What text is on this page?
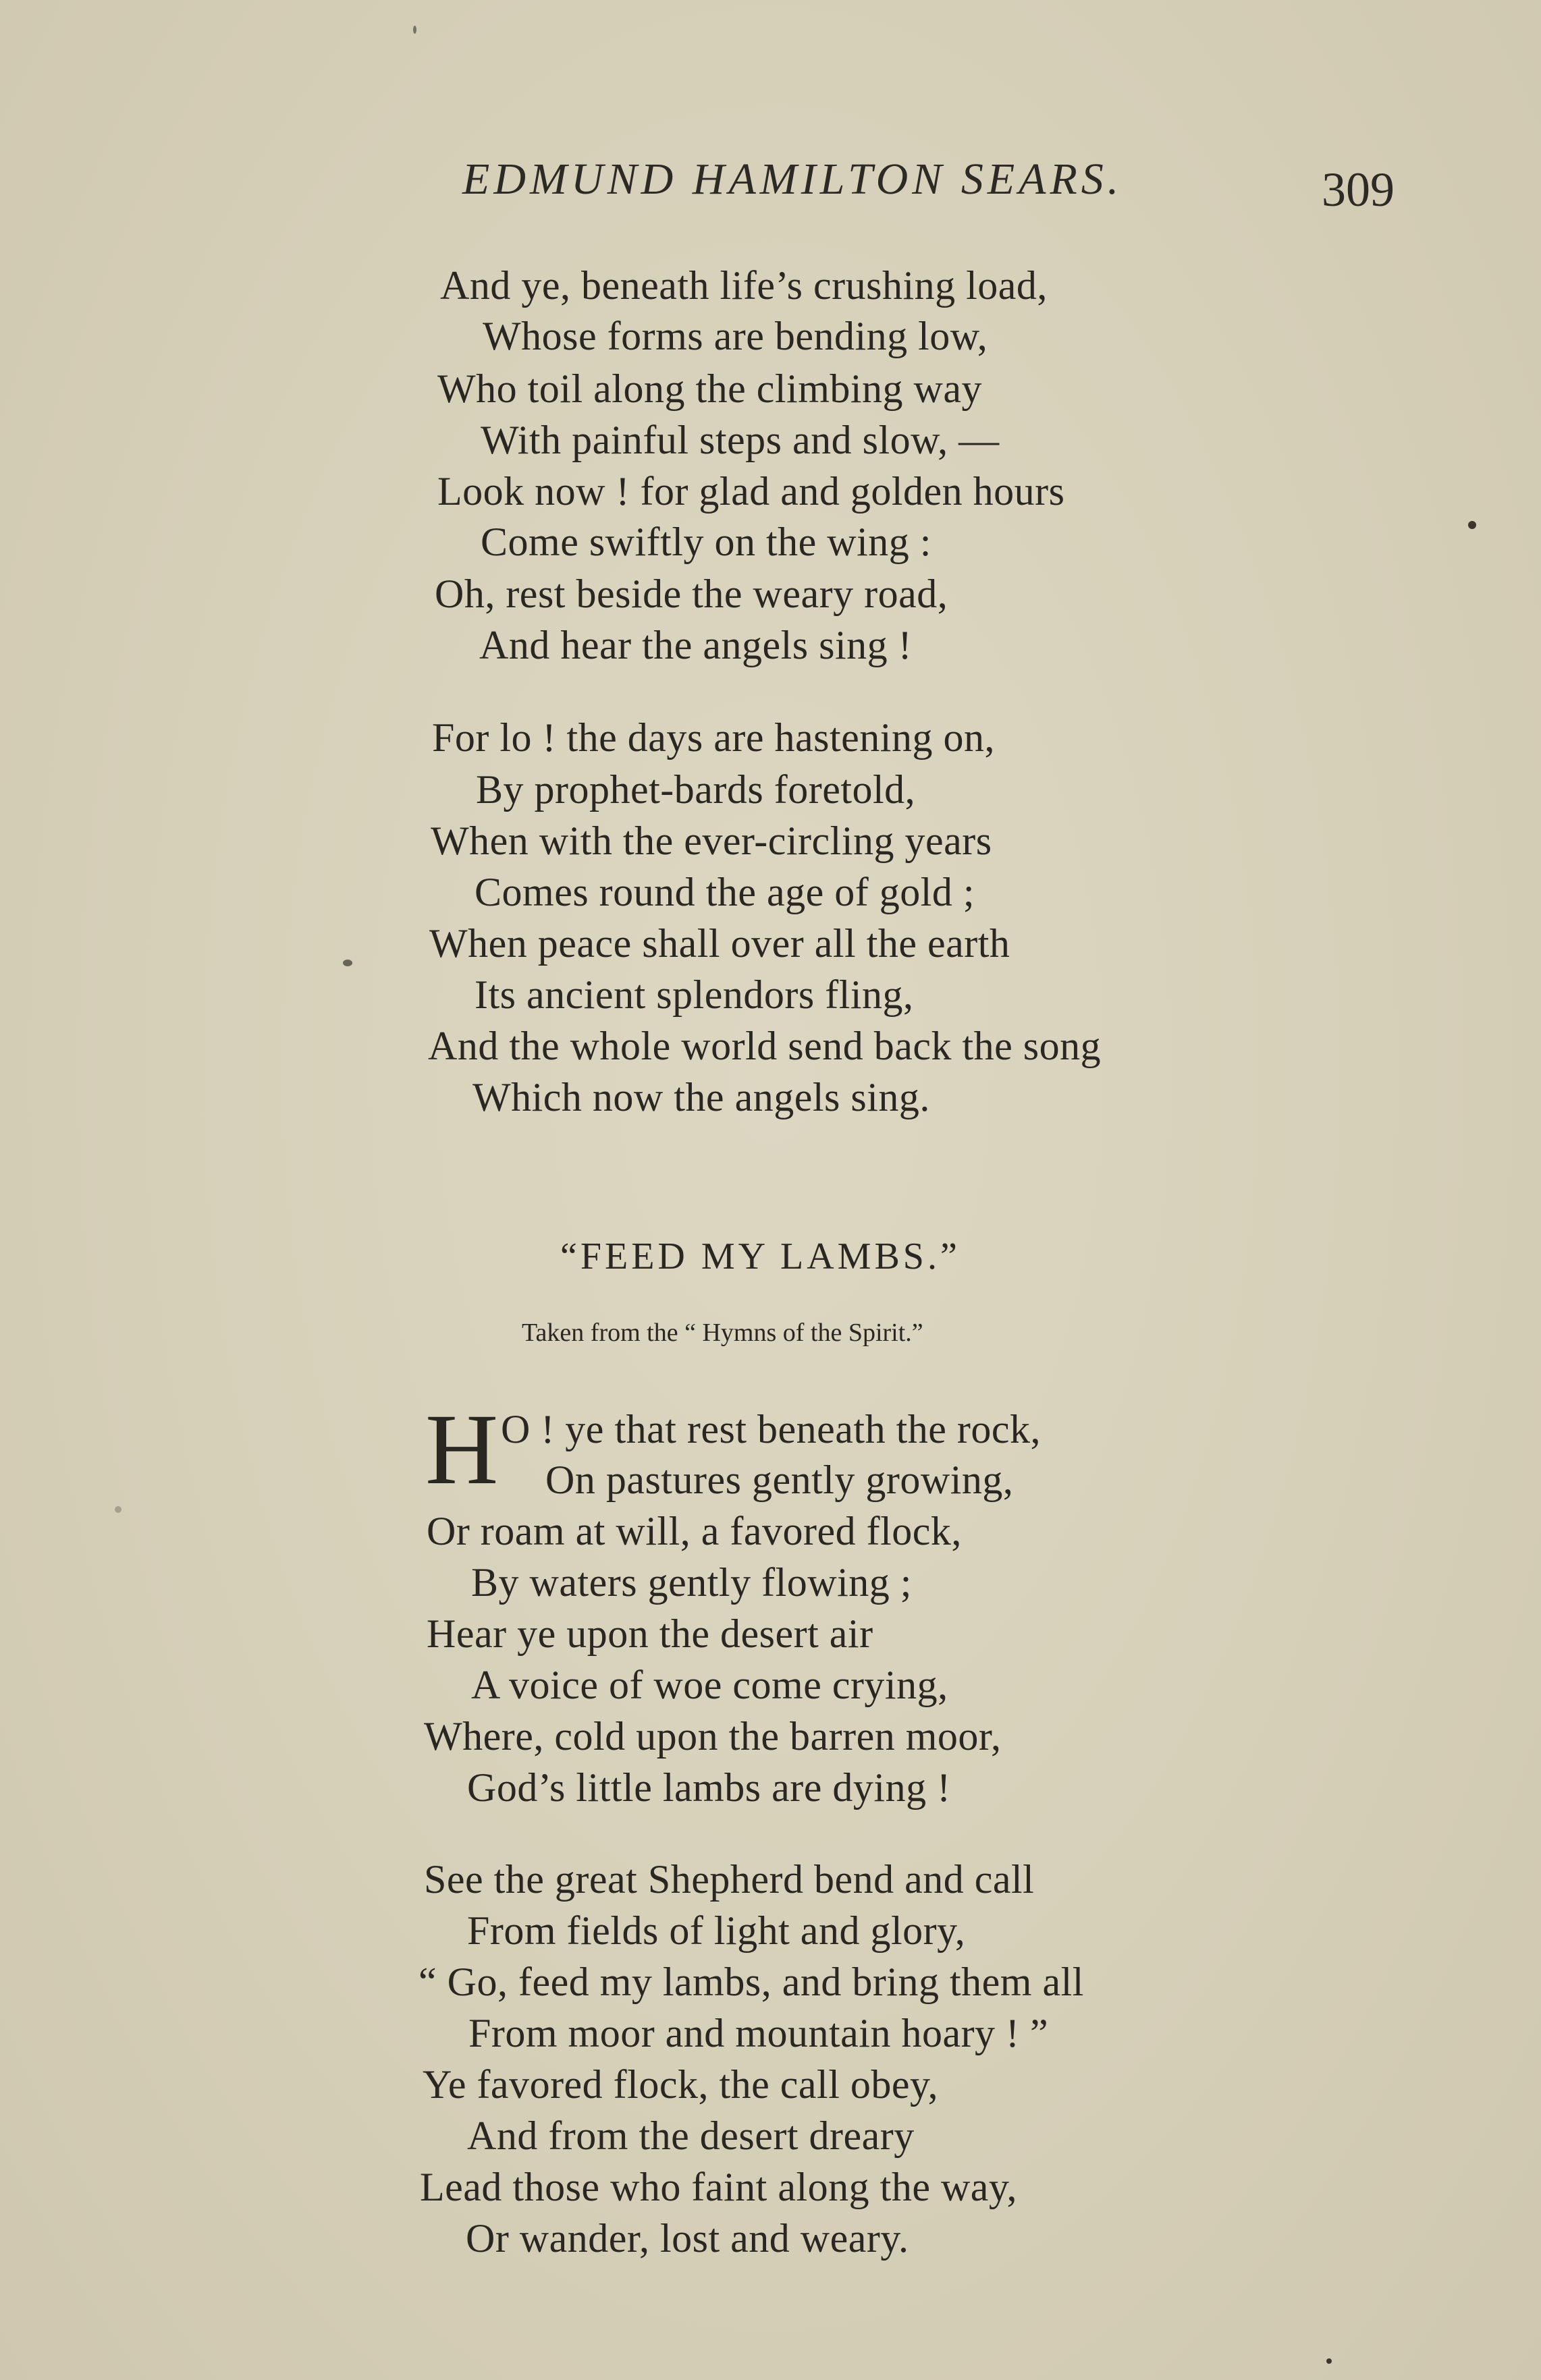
EDMUND HAMILTON SEARS.	309
And ye, beneath life’s crushing load,
Whose forms are bending low,
Who toil along the climbing way
With painful steps and slow, —
Look now ! for glad and golden hours
Come swiftly on the wing :
Oh, rest beside the weary road,
And hear the angels sing !
For lo ! the days are hastening on,
By prophet-bards foretold,
When with the ever-circling years
Comes round the age of gold ;
When peace shall over all the earth
Its ancient splendors fling,
And the whole world send back the song
Which now the angels sing.
“FEED MY LAMBS.”
Taken from the “ Hymns of the Spirit.”
H O ! ye that rest beneath the rock,
On pastures gently growing,
Or roam at will, a favored flock,
By waters gently flowing ;
Hear ye upon the desert air
A voice of woe come crying,
Where, cold upon the barren moor,
God’s little lambs are dying !
See the great Shepherd bend and call
From fields of light and glory,
“ Go, feed my lambs, and bring them all
From moor and mountain hoary ! ”
Ye favored flock, the call obey,
And from the desert dreary
Lead those who faint along the way,
Or wander, lost and weary.
